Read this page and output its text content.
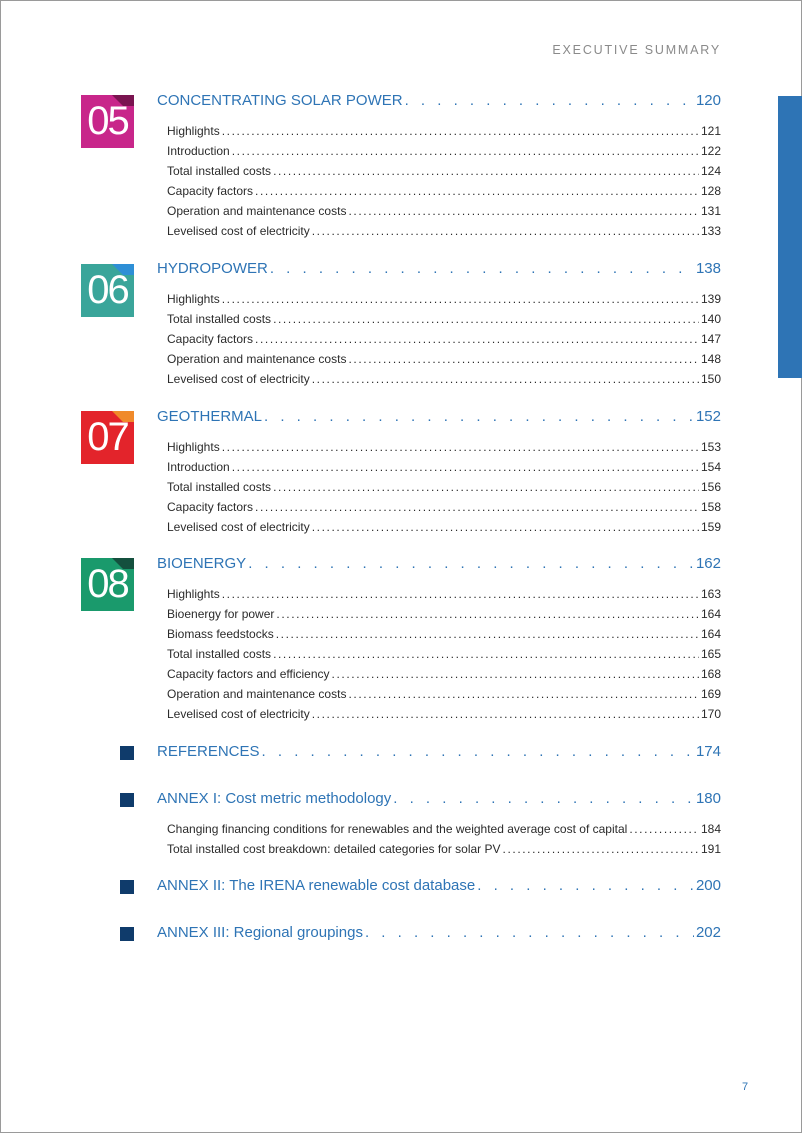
EXECUTIVE SUMMARY
05	CONCENTRATING SOLAR POWER . . .	120
Highlights .....	121
Introduction .....	122
Total installed costs .....	124
Capacity factors .....	128
Operation and maintenance costs .....	131
Levelised cost of electricity .....	133
06	HYDROPOWER . . .	138
Highlights .....	139
Total installed costs .....	140
Capacity factors .....	147
Operation and maintenance costs .....	148
Levelised cost of electricity .....	150
07	GEOTHERMAL . . .	152
Highlights .....	153
Introduction .....	154
Total installed costs .....	156
Capacity factors .....	158
Levelised cost of electricity .....	159
08	BIOENERGY . . .	162
Highlights .....	163
Bioenergy for power .....	164
Biomass feedstocks .....	164
Total installed costs .....	165
Capacity factors and efficiency .....	168
Operation and maintenance costs .....	169
Levelised cost of electricity .....	170
REFERENCES . . .	174
ANNEX I: Cost metric methodology . . .	180
Changing financing conditions for renewables and the weighted average cost of capital .....	184
Total installed cost breakdown: detailed categories for solar PV .....	191
ANNEX II: The IRENA renewable cost database . . .	200
ANNEX III: Regional groupings . . .	202
7
